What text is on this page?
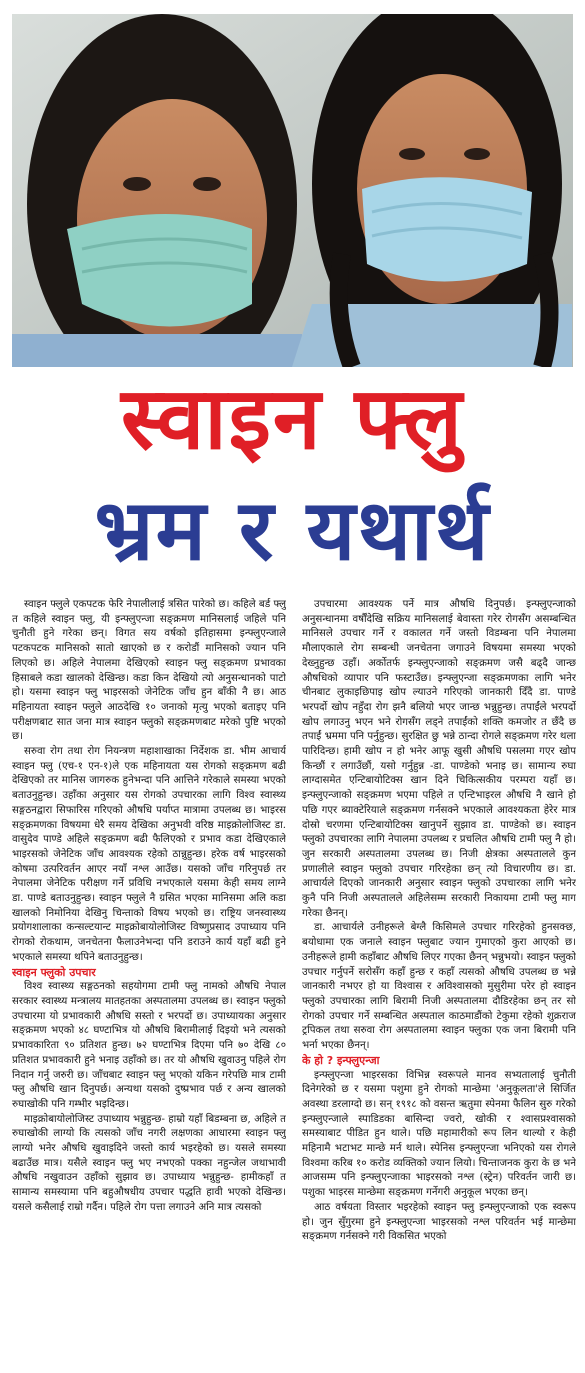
स्वाइन फ्लु
भ्रम र यथार्थ

स्वाइन फ्लुले एकपटक फेरि नेपालीलाई त्रसित पारेको छ। कहिले बर्ड फ्लु त कहिले स्वाइन फ्लु, यी इन्फ्लुएन्जा सङ्क्रमण मानिसलाई जहिले पनि चुनौती हुने गरेका छन्। विगत सय वर्षको इतिहासमा इन्फ्लुएन्जाले पटकपटक मानिसको सातो खाएको छ र करोडौं मानिसको ज्यान पनि लिएको छ। अहिले नेपालमा देखिएको स्वाइन फ्लु सङ्क्रमण प्रभावका हिसाबले कडा खालको देखिन्छ। कडा किन देखियो त्यो अनुसन्धानको पाटो हो। यसमा स्वाइन फ्लु भाइरसको जेनेटिक जाँच हुन बाँकी नै छ। आठ महिनायता स्वाइन फ्लुले आठदेखि १० जनाको मृत्यु भएको बताइए पनि परीक्षणबाट सात जना मात्र स्वाइन फ्लुको सङ्क्रमणबाट मरेको पुष्टि भएको छ।

सरुवा रोग तथा रोग नियन्त्रण महाशाखाका निर्देशक डा. भीम आचार्य स्वाइन फ्लु (एच-१ एन-१)ले एक महिनायता यस रोगको सङ्क्रमण बढी देखिएको तर मानिस जागरुक हुनेभन्दा पनि आत्तिने गरेकाले समस्या भएको बताउनुहुन्छ। उहाँका अनुसार यस रोगको उपचारका लागि विश्व स्वास्थ्य सङ्गठनद्वारा सिफारिस गरिएको औषधि पर्याप्त मात्रामा उपलब्ध छ। भाइरस सङ्क्रमणका विषयमा धेरै समय देखिका अनुभवी वरिष्ठ माइक्रोलोजिस्ट डा. वासुदेव पाण्डे अहिले सङ्क्रमण बढी फैलिएको र प्रभाव कडा देखिएकाले भाइरसको जेनेटिक जाँच आवश्यक रहेको ठान्नुहुन्छ। हरेक वर्ष भाइरसको कोषमा उत्परिवर्तन आएर नयाँ नश्ल आउँछ। यसको जाँच गरिनुपर्छ तर नेपालमा जेनेटिक परीक्षण गर्ने प्रविधि नभएकाले यसमा केही समय लाग्ने डा. पाण्डे बताउनुहुन्छ। स्वाइन फ्लुले नै ग्रसित भएका मानिसमा अलि कडा खालको निमोनिया देखिनु चिन्ताको विषय भएको छ। राष्ट्रिय जनस्वास्थ्य प्रयोगशालाका कन्सल्टयान्ट माइक्रोबायोलोजिस्ट विष्णुप्रसाद उपाध्याय पनि रोगको रोकथाम, जनचेतना फैलाउनेभन्दा पनि डराउने कार्य यहाँ बढी हुने भएकाले समस्या थपिने बताउनुहुन्छ।

स्वाइन फ्लुको उपचार

विश्व स्वास्थ्य सङ्गठनको सहयोगमा टामी फ्लु नामको औषधि नेपाल सरकार स्वास्थ्य मन्त्रालय मातहतका अस्पतालमा उपलब्ध छ। स्वाइन फ्लुको उपचारमा यो प्रभावकारी औषधि सस्तो र भरपर्दो छ। उपाध्यायका अनुसार सङ्क्रमण भएको ४८ घण्टाभित्र यो औषधि बिरामीलाई दिइयो भने त्यसको प्रभावकारिता ९० प्रतिशत हुन्छ। ७२ घण्टाभित्र दिएमा पनि ७० देखि ८० प्रतिशत प्रभावकारी हुने भनाइ उहाँको छ। तर यो औषधि खुवाउनु पहिले रोग निदान गर्नु जरुरी छ। जाँचबाट स्वाइन फ्लु भएको यकिन गरेपछि मात्र टामी फ्लु औषधि खान दिनुपर्छ। अन्यथा यसको दुष्प्रभाव पर्छ र अन्य खालको रुघाखोकी पनि गम्भीर भइदिन्छ।

माइक्रोबायोलोजिस्ट उपाध्याय भन्नुहुन्छ- हाम्रो यहाँ बिडम्बना छ, अहिले त रुघाखोकी लाग्यो कि त्यसको जाँच नगरी लक्षणका आधारमा स्वाइन फ्लु लाग्यो भनेर औषधि खुवाइदिने जस्तो कार्य भइरहेको छ। यसले समस्या बढाउँछ मात्र। यसैले स्वाइन फ्लु भए नभएको पक्का नहुन्जेल जथाभावी औषधि नखुवाउन उहाँको सुझाव छ। उपाध्याय भन्नुहुन्छ- हामीकहाँ त सामान्य समस्यामा पनि बहुऔषधीय उपचार पद्धति हावी भएको देखिन्छ। यसले कसैलाई राम्रो गर्दैन। पहिले रोग पत्ता लगाउने अनि मात्र त्यसको

उपचारमा आवश्यक पर्ने मात्र औषधि दिनुपर्छ। इन्फ्लुएन्जाको अनुसन्धानमा वर्षौंदेखि सक्रिय मानिसलाई बेवास्ता गरेर रोगसँग असम्बन्धित मानिसले उपचार गर्ने र वकालत गर्ने जस्तो विडम्बना पनि नेपालमा मौलाएकाले रोग सम्बन्धी जनचेतना जगाउने विषयमा समस्या भएको देख्नुहुन्छ उहाँ। अर्कोतर्फ इन्फ्लुएन्जाको सङ्क्रमण जसै बढ्दै जान्छ औषधिको व्यापार पनि फस्टाउँछ। इन्फ्लुएन्जा सङ्क्रमणका लागि भनेर चीनबाट लुकाइछिपाइ खोप ल्याउने गरिएको जानकारी दिँदै डा. पाण्डे भरपर्दो खोप नहुँदा रोग झनै बलियो भएर जान्छ भन्नुहुन्छ। तपाईंले भरपर्दो खोप लगाउनु भएन भने रोगसँग लड्ने तपाईंको शक्ति कमजोर त छँदै छ तपाईं भ्रममा पनि पर्नुहुन्छ। सुरक्षित छु भन्ने ठान्दा रोगले सङ्क्रमण गरेर थला पारिदिन्छ। हामी खोप न हो भनेर आफू खुसी औषधि पसलमा गएर खोप किन्छौं र लगाउँछौं, यसो गर्नुहुन्न -डा. पाण्डेको भनाइ छ। सामान्य रुघा लाग्दासमेत एन्टिबायोटिक्स खान दिने चिकित्सकीय परम्परा यहाँ छ। इन्फ्लुएन्जाको सङ्क्रमण भएमा पहिले त एन्टिभाइरल औषधि नै खाने हो पछि गएर ब्याक्टेरियाले सङ्क्रमण गर्नसक्ने भएकाले आवश्यकता हेरेर मात्र दोस्रो चरणमा एन्टिबायोटिक्स खानुपर्ने सुझाव डा. पाण्डेको छ। स्वाइन फ्लुको उपचारका लागि नेपालमा उपलब्ध र प्रचलित औषधि टामी फ्लु नै हो। जुन सरकारी अस्पतालमा उपलब्ध छ। निजी क्षेत्रका अस्पतालले कुन प्रणालीले स्वाइन फ्लुको उपचार गरिरहेका छन् त्यो विचारणीय छ। डा. आचार्यले दिएको जानकारी अनुसार स्वाइन फ्लुको उपचारका लागि भनेर कुनै पनि निजी अस्पतालले अहिलेसम्म सरकारी निकायमा टामी फ्लु माग गरेका छैनन्।

डा. आचार्यले उनीहरूले बेग्लै किसिमले उपचार गरिरहेको हुनसक्छ, बयोधामा एक जनाले स्वाइन फ्लुबाट ज्यान गुमाएको कुरा आएको छ। उनीहरूले हामी कहाँबाट औषधि लिएर गएका छैनन् भन्नुभयो। स्वाइन फ्लुको उपचार गर्नुपर्ने सरोसँग कहाँ हुन्छ र कहाँ त्यसको औषधि उपलब्ध छ भन्ने जानकारी नभएर हो या विश्वास र अविश्वासको मुसुरीमा परेर हो स्वाइन फ्लुको उपचारका लागि बिरामी निजी अस्पतालमा दौडिरहेका छन् तर सो रोगको उपचार गर्ने सम्बन्धित अस्पताल काठमाडौंको टेकुमा रहेको शुक्रराज ट्रपिकल तथा सरुवा रोग अस्पतालमा स्वाइन फ्लुका एक जना बिरामी पनि भर्ना भएका छैनन्।

के हो ? इन्फ्लुएन्जा

इन्फ्लुएन्जा भाइरसका विभिन्न स्वरूपले मानव सभ्यतालाई चुनौती दिनेगरेको छ र यसमा पशुमा हुने रोगको मान्छेमा 'अनुकूलता'ले सिर्जित अवस्था डरलाग्दो छ। सन् १९१८ को वसन्त ऋतुमा स्पेनमा फैलिन सुरु गरेको इन्फ्लुएन्जाले स्पाडिडका बासिन्दा ज्वरो, खोकी र श्वासप्रश्वासको समस्याबाट पीडित हुन थाले। पछि महामारीको रूप लिन थाल्यो र केही महिनामै भटाभट मान्छे मर्न थाले। स्पेनिस इन्फ्लुएन्जा भनिएको यस रोगले विश्वमा करिब १० करोड व्यक्तिको ज्यान लियो। चिन्ताजनक कुरा के छ भने आजसम्म पनि इन्फ्लुएन्जाका भाइरसको नश्ल (स्ट्रेन) परिवर्तन जारी छ। पशुका भाइरस मान्छेमा सङ्क्रमण गर्नेगरी अनुकूल भएका छन्।

आठ वर्षयता विस्तार भइरहेको स्वाइन फ्लु इन्फ्लुएन्जाको एक स्वरूप हो। जुन सुँगुरमा हुने इन्फ्लुएन्जा भाइरसको नश्ल परिवर्तन भई मान्छेमा सङ्क्रमण गर्नसक्ने गरी विकसित भएको
